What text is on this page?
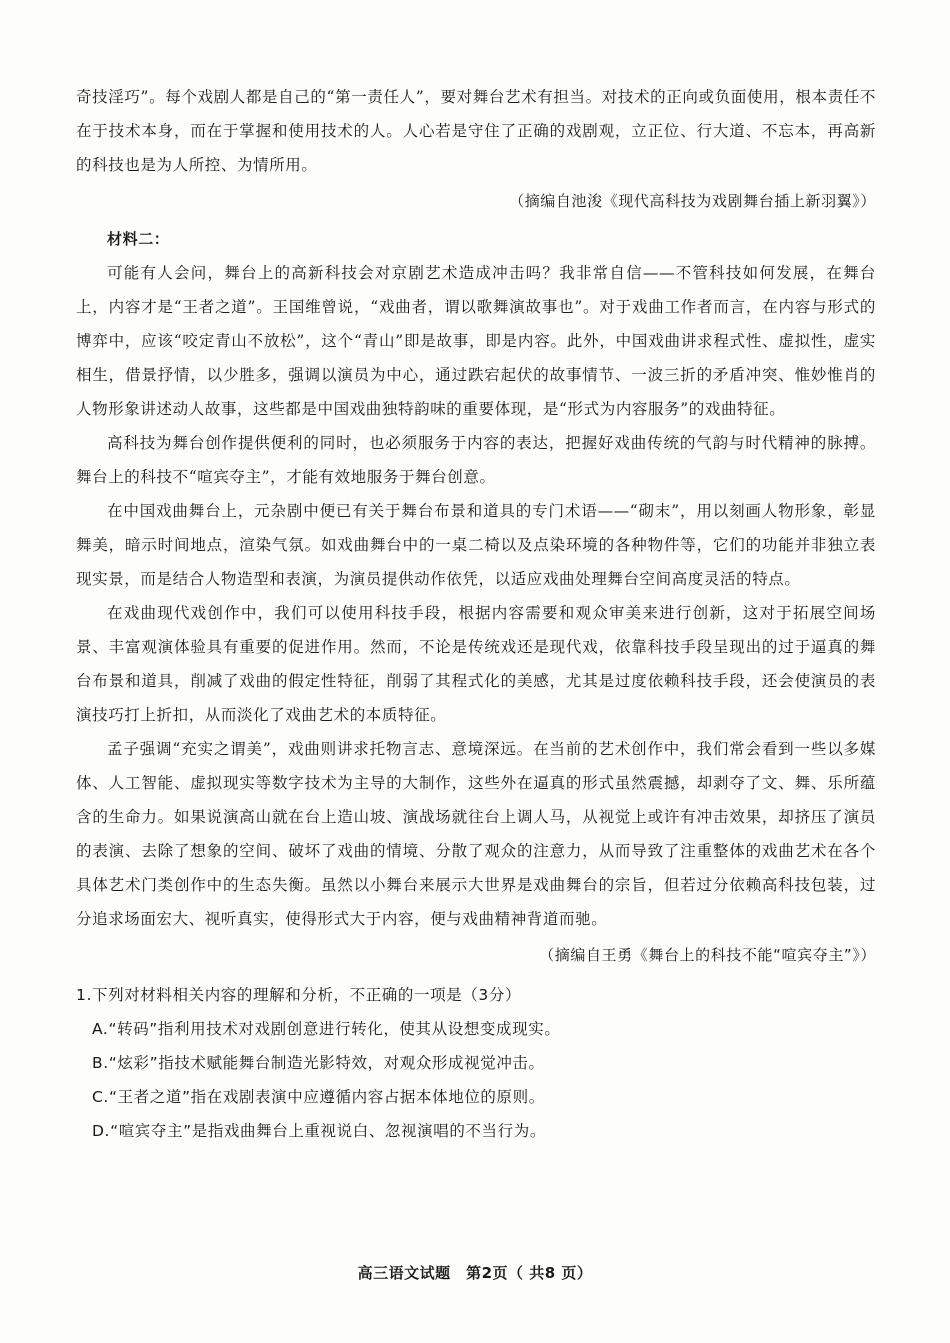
奇技淫巧”。每个戏剧人都是自己的“第一责任人”，要对舞台艺术有担当。对技术的正向或负面使用，根本责任不在于技术本身，而在于掌握和使用技术的人。人心若是守住了正确的戏剧观，立正位、行大道、不忘本，再高新的科技也是为人所控、为情所用。

（摘编自池浚《现代高科技为戏剧舞台插上新羽翼》）

材料二：

可能有人会问，舞台上的高新科技会对京剧艺术造成冲击吗？我非常自信——不管科技如何发展，在舞台上，内容才是“王者之道”。王国维曾说，“戏曲者，谓以歌舞演故事也”。对于戏曲工作者而言，在内容与形式的博弈中，应该“咬定青山不放松”，这个“青山”即是故事，即是内容。此外，中国戏曲讲求程式性、虚拟性，虚实相生，借景抒情，以少胜多，强调以演员为中心，通过跌宕起伏的故事情节、一波三折的矛盾冲突、惟妙惟肖的人物形象讲述动人故事，这些都是中国戏曲独特韵味的重要体现，是“形式为内容服务”的戏曲特征。

高科技为舞台创作提供便利的同时，也必须服务于内容的表达，把握好戏曲传统的气韵与时代精神的脉搏。舞台上的科技不“喧宾夺主”，才能有效地服务于舞台创意。

在中国戏曲舞台上，元杂剧中便已有关于舞台布景和道具的专门术语——“砌末”，用以刻画人物形象，彰显舞美，暗示时间地点，渲染气氛。如戏曲舞台中的一桌二椅以及点染环境的各种物件等，它们的功能并非独立表现实景，而是结合人物造型和表演，为演员提供动作依凭，以适应戏曲处理舞台空间高度灵活的特点。

在戏曲现代戏创作中，我们可以使用科技手段，根据内容需要和观众审美来进行创新，这对于拓展空间场景、丰富观演体验具有重要的促进作用。然而，不论是传统戏还是现代戏，依靠科技手段呈现出的过于逼真的舞台布景和道具，削减了戏曲的假定性特征，削弱了其程式化的美感，尤其是过度依赖科技手段，还会使演员的表演技巧打上折扣，从而淡化了戏曲艺术的本质特征。

孟子强调“充实之谓美”，戏曲则讲求托物言志、意境深远。在当前的艺术创作中，我们常会看到一些以多媒体、人工智能、虚拟现实等数字技术为主导的大制作，这些外在逼真的形式虽然震撼，却剥夺了文、舞、乐所蕴含的生命力。如果说演高山就在台上造山坡、演战场就往台上调人马，从视觉上或许有冲击效果，却挤压了演员的表演、去除了想象的空间、破坏了戏曲的情境、分散了观众的注意力，从而导致了注重整体的戏曲艺术在各个具体艺术门类创作中的生态失衡。虽然以小舞台来展示大世界是戏曲舞台的宗旨，但若过分依赖高科技包装，过分追求场面宏大、视听真实，使得形式大于内容，便与戏曲精神背道而驰。

（摘编自王勇《舞台上的科技不能“喧宾夺主”》）

1.下列对材料相关内容的理解和分析，不正确的一项是（3分）

A.“转码”指利用技术对戏剧创意进行转化，使其从设想变成现实。

B.“炫彩”指技术赋能舞台制造光影特效，对观众形成视觉冲击。

C.“王者之道”指在戏剧表演中应遵循内容占据本体地位的原则。

D.“喧宾夺主”是指戏曲舞台上重视说白、忽视演唱的不当行为。

高三语文试题　第2页（ 共8 页）
